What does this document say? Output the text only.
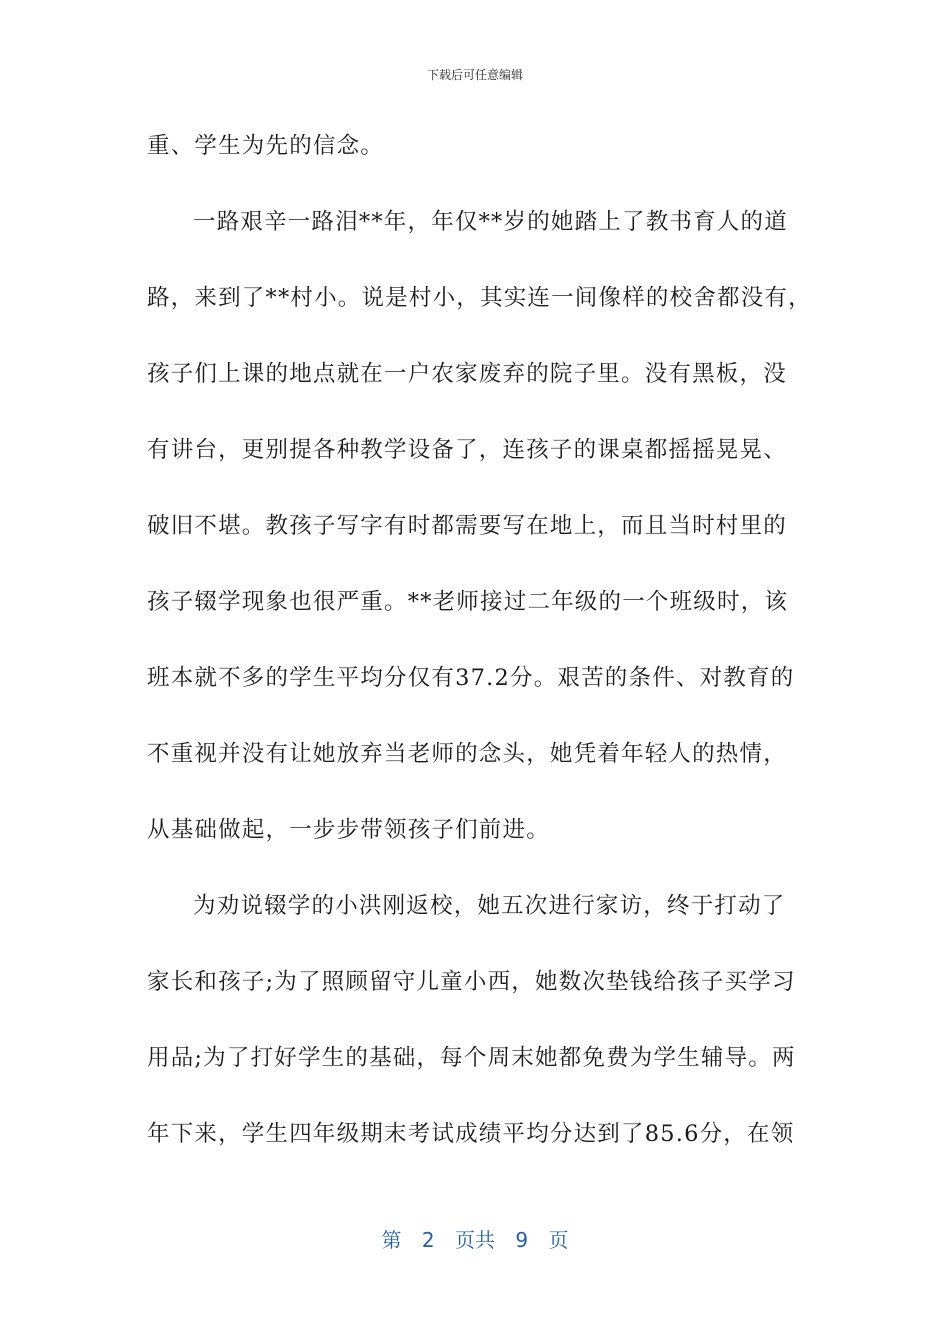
下载后可任意编辑
重、学生为先的信念。
一路艰辛一路泪**年，年仅**岁的她踏上了教书育人的道
路，来到了**村小。说是村小，其实连一间像样的校舍都没有，
孩子们上课的地点就在一户农家废弃的院子里。没有黑板，没
有讲台，更别提各种教学设备了，连孩子的课桌都摇摇晃晃、
破旧不堪。教孩子写字有时都需要写在地上，而且当时村里的
孩子辍学现象也很严重。**老师接过二年级的一个班级时，该
班本就不多的学生平均分仅有37.2分。艰苦的条件、对教育的
不重视并没有让她放弃当老师的念头，她凭着年轻人的热情，
从基础做起，一步步带领孩子们前进。
为劝说辍学的小洪刚返校，她五次进行家访，终于打动了
家长和孩子;为了照顾留守儿童小西，她数次垫钱给孩子买学习
用品;为了打好学生的基础，每个周末她都免费为学生辅导。两
年下来，学生四年级期末考试成绩平均分达到了85.6分，在领
第 2 页共 9 页
